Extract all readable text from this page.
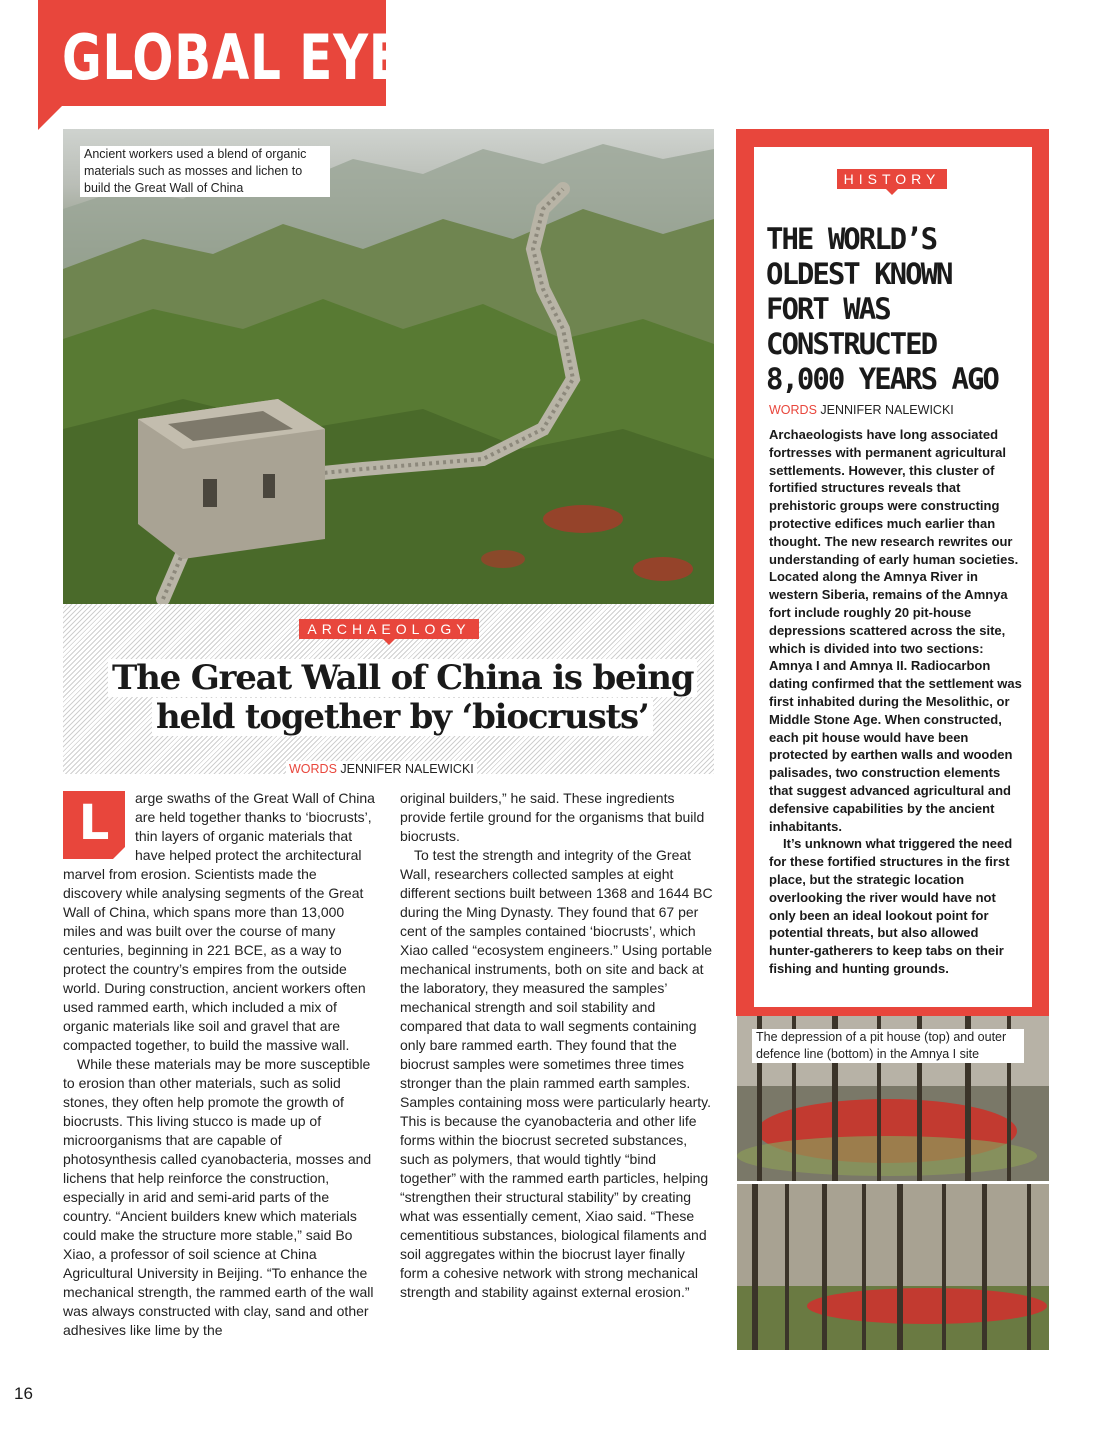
GLOBAL EYE
Ancient workers used a blend of organic materials such as mosses and lichen to build the Great Wall of China
ARCHAEOLOGY
The Great Wall of China is being
held together by ‘biocrusts’
WORDS JENNIFER NALEWICKI
L	arge swaths of the Great Wall of China are held together thanks to ‘biocrusts’, thin layers of organic materials that have helped protect the architectural marvel from erosion. Scientists made the discovery while analysing segments of the Great Wall of China, which spans more than 13,000 miles and was built over the course of many centuries, beginning in 221 BCE, as a way to protect the country’s empires from the outside world. During construction, ancient workers often used rammed earth, which included a mix of organic materials like soil and gravel that are compacted together, to build the massive wall.

While these materials may be more susceptible to erosion than other materials, such as solid stones, they often help promote the growth of biocrusts. This living stucco is made up of microorganisms that are capable of photosynthesis called cyanobacteria, mosses and lichens that help reinforce the construction, especially in arid and semi-arid parts of the country. “Ancient builders knew which materials could make the structure more stable,” said Bo Xiao, a professor of soil science at China Agricultural University in Beijing. “To enhance the mechanical strength, the rammed earth of the wall was always constructed with clay, sand and other adhesives like lime by the

original builders,” he said. These ingredients provide fertile ground for the organisms that build biocrusts.

To test the strength and integrity of the Great Wall, researchers collected samples at eight different sections built between 1368 and 1644 BC during the Ming Dynasty. They found that 67 per cent of the samples contained ‘biocrusts’, which Xiao called “ecosystem engineers.” Using portable mechanical instruments, both on site and back at the laboratory, they measured the samples’ mechanical strength and soil stability and compared that data to wall segments containing only bare rammed earth. They found that the biocrust samples were sometimes three times stronger than the plain rammed earth samples. Samples containing moss were particularly hearty. This is because the cyanobacteria and other life forms within the biocrust secreted substances, such as polymers, that would tightly “bind together” with the rammed earth particles, helping “strengthen their structural stability” by creating what was essentially cement, Xiao said. “These cementitious substances, biological filaments and soil aggregates within the biocrust layer finally form a cohesive network with strong mechanical strength and stability against external erosion.”

HISTORY
THE WORLD’S OLDEST KNOWN FORT WAS CONSTRUCTED 8,000 YEARS AGO
WORDS JENNIFER NALEWICKI

Archaeologists have long associated fortresses with permanent agricultural settlements. However, this cluster of fortified structures reveals that prehistoric groups were constructing protective edifices much earlier than thought. The new research rewrites our understanding of early human societies. Located along the Amnya River in western Siberia, remains of the Amnya fort include roughly 20 pit-house depressions scattered across the site, which is divided into two sections: Amnya I and Amnya II. Radiocarbon dating confirmed that the settlement was first inhabited during the Mesolithic, or Middle Stone Age. When constructed, each pit house would have been protected by earthen walls and wooden palisades, two construction elements that suggest advanced agricultural and defensive capabilities by the ancient inhabitants.

It’s unknown what triggered the need for these fortified structures in the first place, but the strategic location overlooking the river would have not only been an ideal lookout point for potential threats, but also allowed hunter-gatherers to keep tabs on their fishing and hunting grounds.

The depression of a pit house (top) and outer defence line (bottom) in the Amnya I site
16
